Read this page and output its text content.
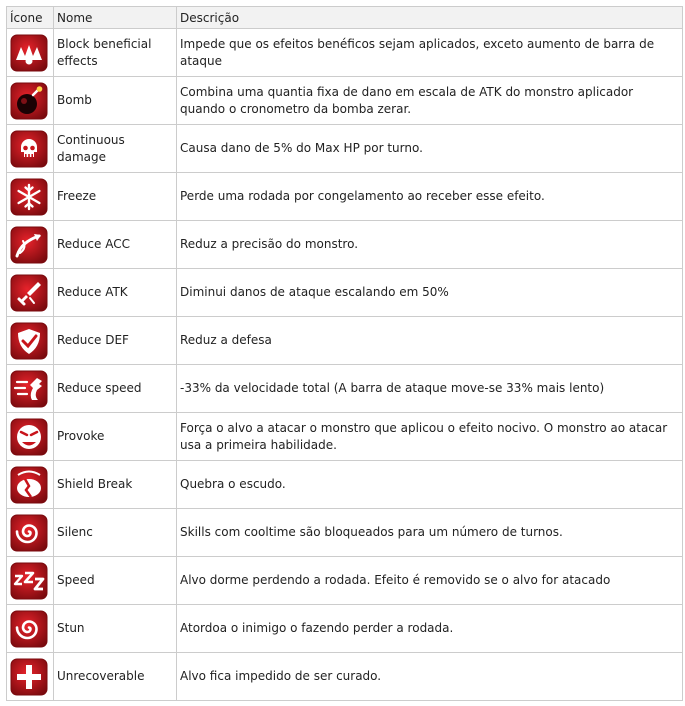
Ícone	Nome	Descrição

	Block beneficial effects	Impede que os efeitos benéficos sejam aplicados, exceto aumento de barra de ataque

	Bomb	Combina uma quantia fixa de dano em escala de ATK do monstro aplicador quando o cronometro da bomba zerar.

	Continuous damage	Causa dano de 5% do Max HP por turno.

	Freeze	Perde uma rodada por congelamento ao receber esse efeito.

	Reduce ACC	Reduz a precisão do monstro.

	Reduce ATK	Diminui danos de ataque escalando em 50%

	Reduce DEF	Reduz a defesa

	Reduce speed	-33% da velocidade total (A barra de ataque move-se 33% mais lento)

	Provoke	Força o alvo a atacar o monstro que aplicou o efeito nocivo. O monstro ao atacar usa a primeira habilidade.

	Shield Break	Quebra o escudo.

	Silenc	Skills com cooltime são bloqueados para um número de turnos.

	Speed	Alvo dorme perdendo a rodada. Efeito é removido se o alvo for atacado

	Stun	Atordoa o inimigo o fazendo perder a rodada.

	Unrecoverable	Alvo fica impedido de ser curado.
